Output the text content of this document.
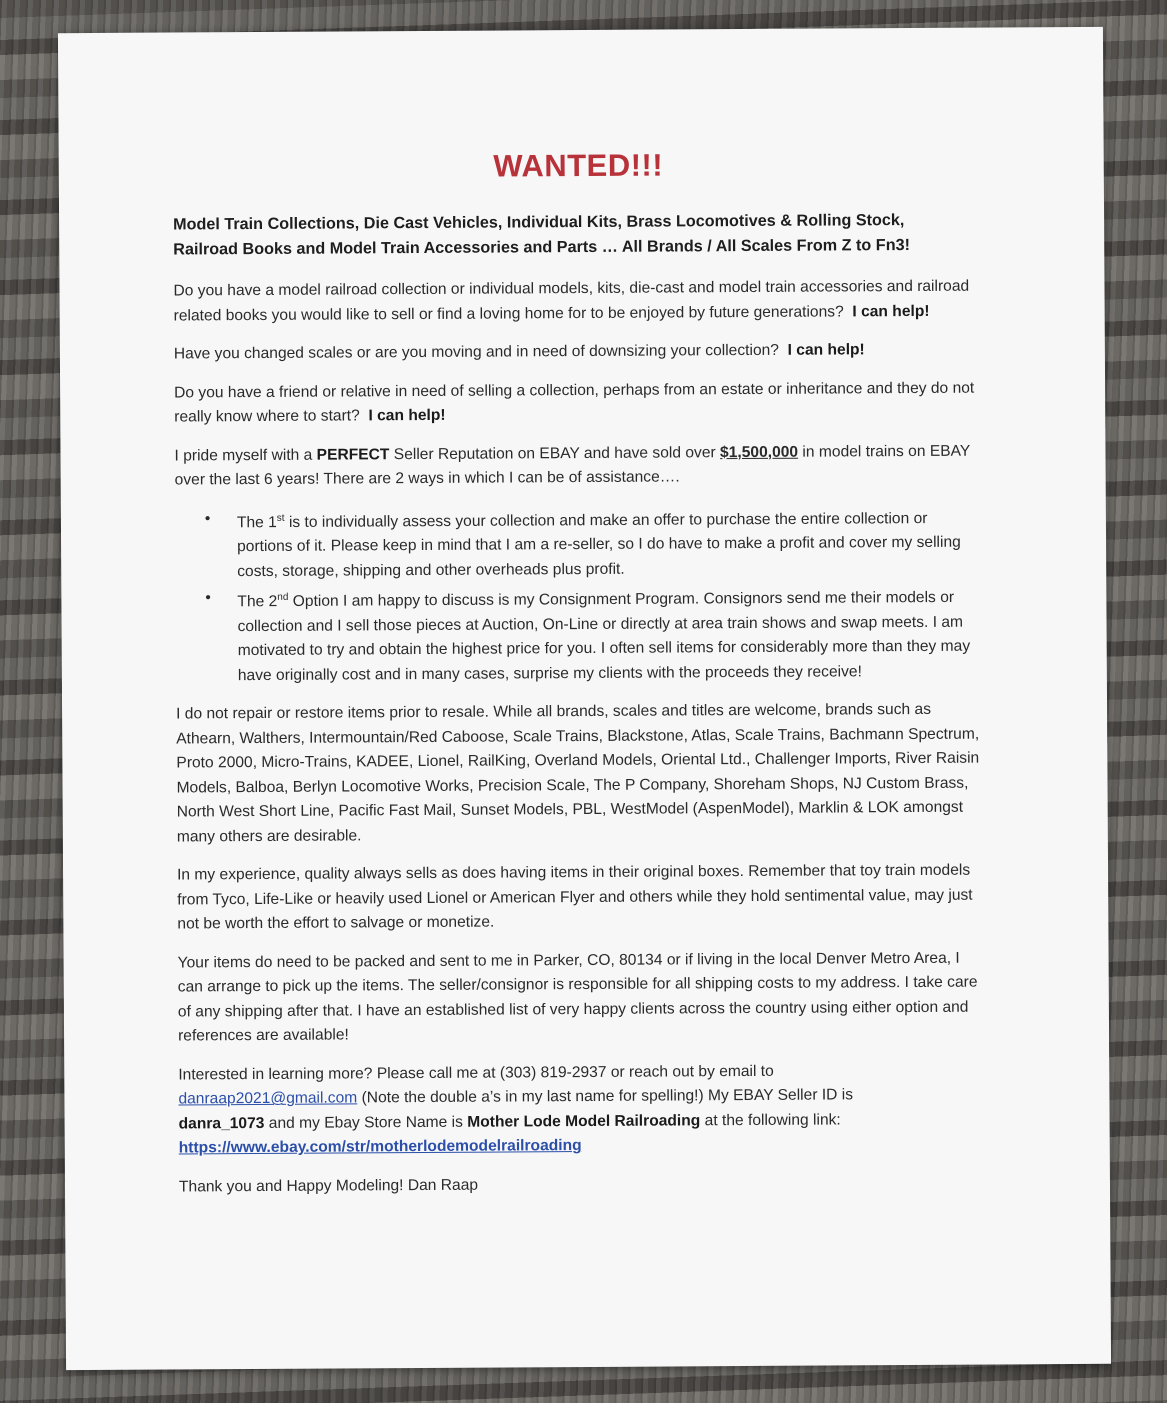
WANTED!!!
Model Train Collections, Die Cast Vehicles, Individual Kits, Brass Locomotives & Rolling Stock,
Railroad Books and Model Train Accessories and Parts … All Brands / All Scales From Z to Fn3!

Do you have a model railroad collection or individual models, kits, die-cast and model train accessories and railroad related books you would like to sell or find a loving home for to be enjoyed by future generations? I can help!

Have you changed scales or are you moving and in need of downsizing your collection? I can help!

Do you have a friend or relative in need of selling a collection, perhaps from an estate or inheritance and they do not really know where to start? I can help!

I pride myself with a PERFECT Seller Reputation on EBAY and have sold over $1,500,000 in model trains on EBAY over the last 6 years! There are 2 ways in which I can be of assistance….

• The 1st is to individually assess your collection and make an offer to purchase the entire collection or portions of it. Please keep in mind that I am a re-seller, so I do have to make a profit and cover my selling costs, storage, shipping and other overheads plus profit.
• The 2nd Option I am happy to discuss is my Consignment Program. Consignors send me their models or collection and I sell those pieces at Auction, On-Line or directly at area train shows and swap meets. I am motivated to try and obtain the highest price for you. I often sell items for considerably more than they may have originally cost and in many cases, surprise my clients with the proceeds they receive!

I do not repair or restore items prior to resale. While all brands, scales and titles are welcome, brands such as Athearn, Walthers, Intermountain/Red Caboose, Scale Trains, Blackstone, Atlas, Scale Trains, Bachmann Spectrum, Proto 2000, Micro-Trains, KADEE, Lionel, RailKing, Overland Models, Oriental Ltd., Challenger Imports, River Raisin Models, Balboa, Berlyn Locomotive Works, Precision Scale, The P Company, Shoreham Shops, NJ Custom Brass, North West Short Line, Pacific Fast Mail, Sunset Models, PBL, WestModel (AspenModel), Marklin & LOK amongst many others are desirable.

In my experience, quality always sells as does having items in their original boxes. Remember that toy train models from Tyco, Life-Like or heavily used Lionel or American Flyer and others while they hold sentimental value, may just not be worth the effort to salvage or monetize.

Your items do need to be packed and sent to me in Parker, CO, 80134 or if living in the local Denver Metro Area, I can arrange to pick up the items. The seller/consignor is responsible for all shipping costs to my address. I take care of any shipping after that. I have an established list of very happy clients across the country using either option and references are available!

Interested in learning more? Please call me at (303) 819-2937 or reach out by email to
danraap2021@gmail.com (Note the double a’s in my last name for spelling!) My EBAY Seller ID is
danra_1073 and my Ebay Store Name is Mother Lode Model Railroading at the following link:
https://www.ebay.com/str/motherlodemodelrailroading

Thank you and Happy Modeling! Dan Raap
